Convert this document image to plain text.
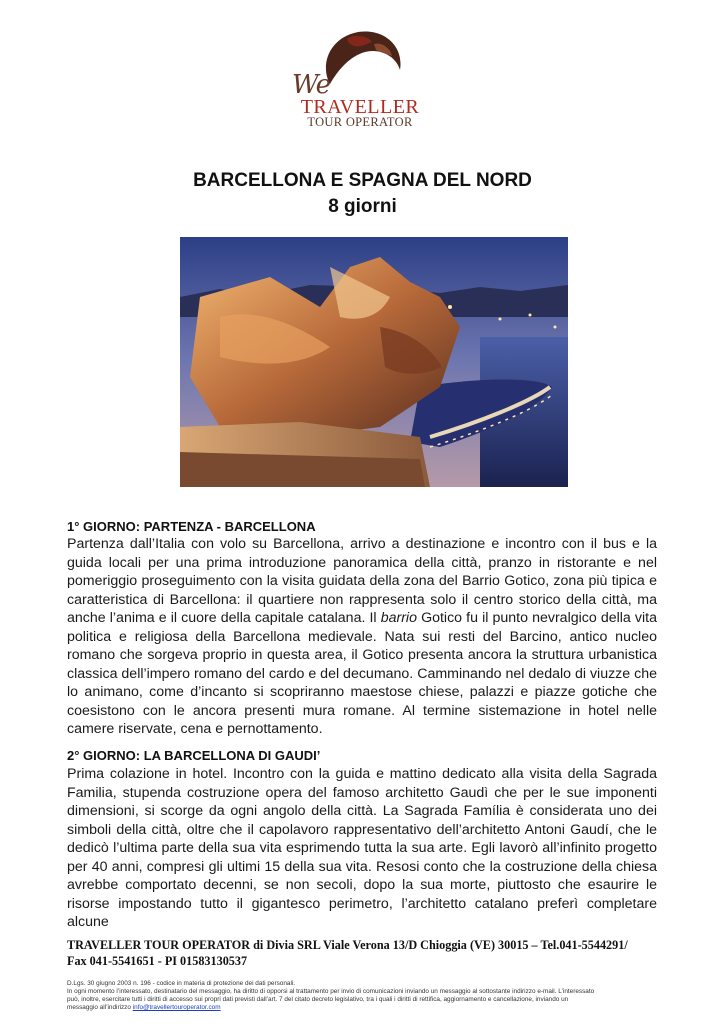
We
TRAVELLER
TOUR OPERATOR
BARCELLONA E SPAGNA DEL NORD
8 giorni
1° GIORNO: PARTENZA - BARCELLONA

Partenza dall’Italia con volo su Barcellona, arrivo a destinazione e incontro con il bus e la guida locali per una prima introduzione panoramica della città, pranzo in ristorante e nel pomeriggio proseguimento con la visita guidata della zona del Barrio Gotico, zona più tipica e caratteristica di Barcellona: il quartiere non rappresenta solo il centro storico della città, ma anche l’anima e il cuore della capitale catalana. Il barrio Gotico fu il punto nevralgico della vita politica e religiosa della Barcellona medievale. Nata sui resti del Barcino, antico nucleo romano che sorgeva proprio in questa area, il Gotico presenta ancora la struttura urbanistica classica dell’impero romano del cardo e del decumano. Camminando nel dedalo di viuzze che lo animano, come d’incanto si scopriranno maestose chiese, palazzi e piazze gotiche che coesistono con le ancora presenti mura romane. Al termine sistemazione in hotel nelle camere riservate, cena e pernottamento.

2° GIORNO: LA BARCELLONA DI GAUDI’

Prima colazione in hotel. Incontro con la guida e mattino dedicato alla visita della Sagrada Familia, stupenda costruzione opera del famoso architetto Gaudì che per le sue imponenti dimensioni, si scorge da ogni angolo della città. La Sagrada Família è considerata uno dei simboli della città, oltre che il capolavoro rappresentativo dell’architetto Antoni Gaudí, che le dedicò l’ultima parte della sua vita esprimendo tutta la sua arte. Egli lavorò all’infinito progetto per 40 anni, compresi gli ultimi 15 della sua vita. Resosi conto che la costruzione della chiesa avrebbe comportato decenni, se non secoli, dopo la sua morte, piuttosto che esaurire le risorse impostando tutto il gigantesco perimetro, l’architetto catalano preferì completare alcune

TRAVELLER TOUR OPERATOR di Divia SRL Viale Verona 13/D Chioggia (VE) 30015 – Tel.041-5544291/
Fax 041-5541651 - PI 01583130537
D.Lgs. 30 giugno 2003 n. 196 - codice in materia di protezione dei dati personali.
In ogni momento l’interessato, destinatario del messaggio, ha diritto di opporsi al trattamento per invio di comunicazioni inviando un messaggio al sottostante indirizzo e-mail. L’interessato
può, inoltre, esercitare tutti i diritti di accesso sui propri dati previsti dall’art. 7 del citato decreto legislativo, tra i quali i diritti di rettifica, aggiornamento e cancellazione, inviando un
messaggio all’indirizzo info@travellertouroperator.com
